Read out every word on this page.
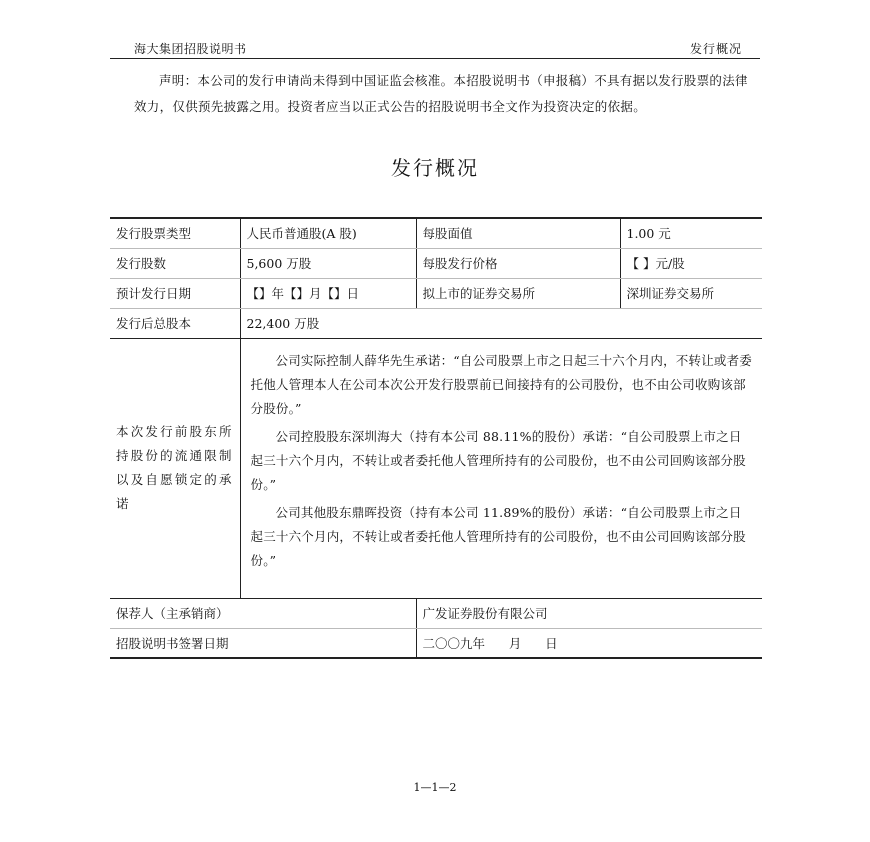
海大集团招股说明书	发行概况
声明：本公司的发行申请尚未得到中国证监会核准。本招股说明书（申报稿）不具有据以发行股票的法律效力，仅供预先披露之用。投资者应当以正式公告的招股说明书全文作为投资决定的依据。
发行概况
发行股票类型	人民币普通股(A 股)	每股面值	1.00 元
发行股数	5,600 万股	每股发行价格	【 】元/股
预计发行日期	【】年【】月【】日	拟上市的证券交易所	深圳证券交易所
发行后总股本	22,400 万股		
本次发行前股东所持股份的流通限制以及自愿锁定的承诺	公司实际控制人薛华先生承诺：“自公司股票上市之日起三十六个月内，不转让或者委托他人管理本人在公司本次公开发行股票前已间接持有的公司股份，也不由公司收购该部分股份。”

公司控股股东深圳海大（持有本公司 88.11%的股份）承诺：“自公司股票上市之日起三十六个月内，不转让或者委托他人管理所持有的公司股份，也不由公司回购该部分股份。”

公司其他股东鼎晖投资（持有本公司 11.89%的股份）承诺：“自公司股票上市之日起三十六个月内，不转让或者委托他人管理所持有的公司股份，也不由公司回购该部分股份。”		

保荐人（主承销商）		广发证券股份有限公司	
招股说明书签署日期		二〇〇九年      月      日	
1—1—2
